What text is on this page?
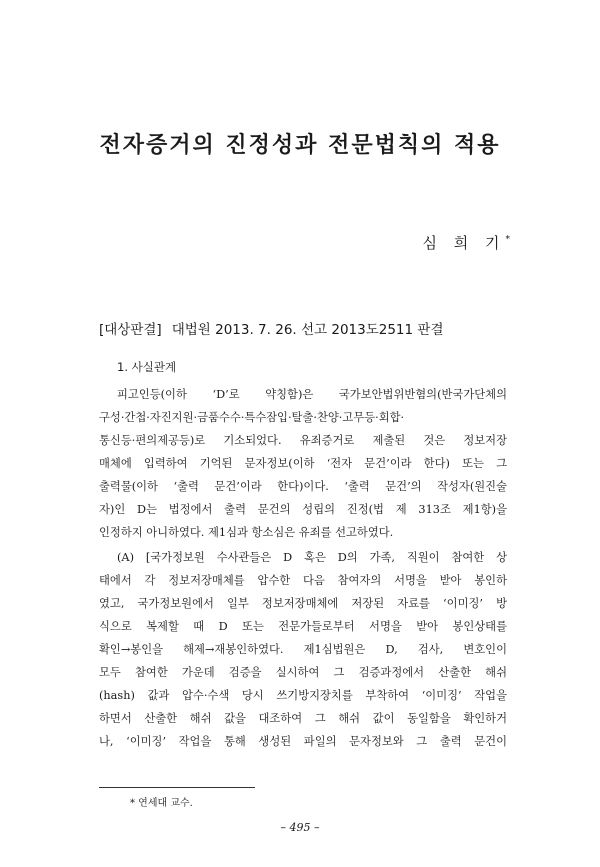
전자증거의 진정성과 전문법칙의 적용
심 희 기*
[대상판결] 대법원 2013. 7. 26. 선고 2013도2511 판결
1. 사실관계
피고인등(이하 ‘D’로 약칭함)은 국가보안법위반혐의(반국가단체의
구성·간첩·자진지원·금품수수·특수잠입·탈출·찬양·고무등·회합·
통신등·편의제공등)로 기소되었다. 유죄증거로 제출된 것은 정보저장
매체에 입력하여 기억된 문자정보(이하 ‘전자 문건’이라 한다) 또는 그
출력물(이하 ‘출력 문건’이라 한다)이다. ‘출력 문건’의 작성자(원진술
자)인 D는 법정에서 출력 문건의 성립의 진정(법 제 313조 제1항)을
인정하지 아니하였다. 제1심과 항소심은 유죄를 선고하였다.
(A) [국가정보원 수사관들은 D 혹은 D의 가족, 직원이 참여한 상
태에서 각 정보저장매체를 압수한 다음 참여자의 서명을 받아 봉인하
였고, 국가정보원에서 일부 정보저장매체에 저장된 자료를 ‘이미징’ 방
식으로 복제할 때 D 또는 전문가들로부터 서명을 받아 봉인상태를
확인→봉인을 해제→재봉인하였다. 제1심법원은 D, 검사, 변호인이
모두 참여한 가운데 검증을 실시하여 그 검증과정에서 산출한 해쉬
(hash) 값과 압수·수색 당시 쓰기방지장치를 부착하여 ‘이미징’ 작업을
하면서 산출한 해쉬 값을 대조하여 그 해쉬 값이 동일함을 확인하거
나, ‘이미징’ 작업을 통해 생성된 파일의 문자정보와 그 출력 문건이
* 연세대 교수.
– 495 –
